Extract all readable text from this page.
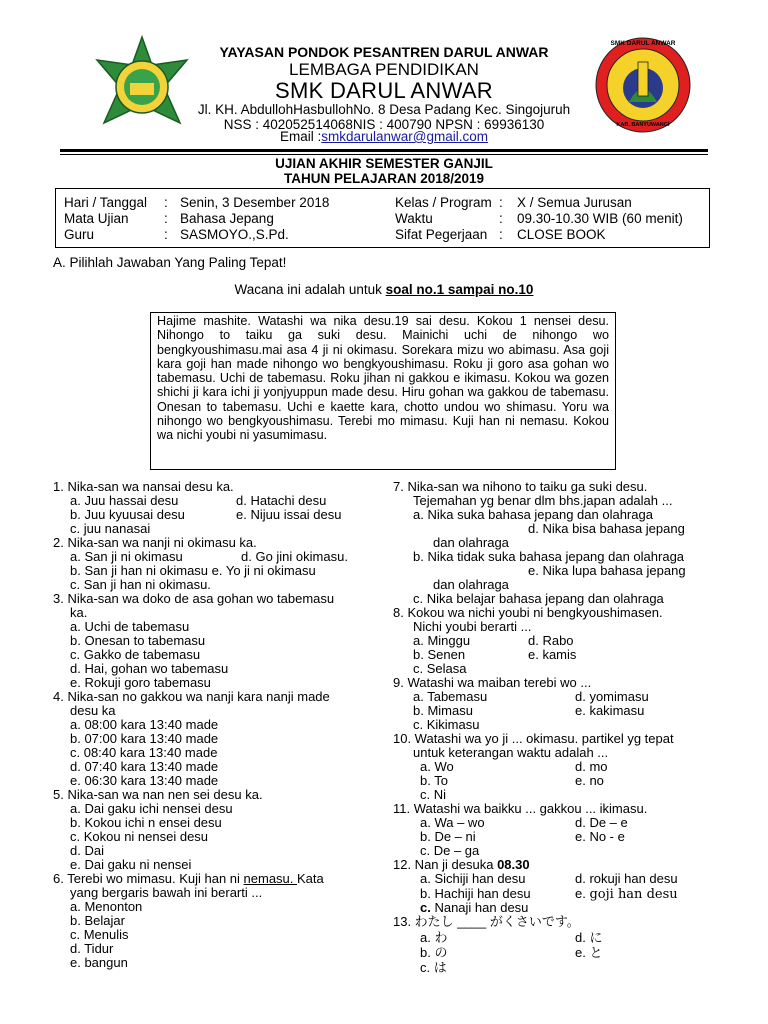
SMK DARUL ANWAR
KAB. BANYUWANGI
YAYASAN PONDOK PESANTREN DARUL ANWAR
LEMBAGA PENDIDIKAN
SMK DARUL ANWAR
Jl. KH. AbdullohHasbullohNo. 8 Desa Padang Kec. Singojuruh
NSS : 402052514068NIS : 400790 NPSN : 69936130
Email :smkdarulanwar@gmail.com
UJIAN AKHIR SEMESTER GANJIL
TAHUN PELAJARAN 2018/2019
Hari / Tanggal : Senin, 3 Desember 2018
Mata Ujian	: Bahasa Jepang
Guru	: SASMOYO.,S.Pd.
Kelas / Program : X / Semua Jurusan
Waktu	: 09.30-10.30 WIB (60 menit)
Sifat Pegerjaan : CLOSE BOOK
A. Pilihlah Jawaban Yang Paling Tepat!
Wacana ini adalah untuk soal no.1 sampai no.10
Hajime mashite. Watashi wa nika desu.19 sai desu. Kokou 1 nensei desu. Nihongo to taiku ga suki desu. Mainichi uchi de nihongo wo bengkyoushimasu.mai asa 4 ji ni okimasu. Sorekara mizu wo abimasu. Asa goji kara goji han made nihongo wo bengkyoushimasu. Roku ji goro asa gohan wo tabemasu. Uchi de tabemasu. Roku jihan ni gakkou e ikimasu. Kokou wa gozen shichi ji kara ichi ji yonjyuppun made desu. Hiru gohan wa gakkou de tabemasu. Onesan to tabemasu. Uchi e kaette kara, chotto undou wo shimasu. Yoru wa nihongo wo bengkyoushimasu. Terebi mo mimasu. Kuji han ni nemasu. Kokou wa nichi youbi ni yasumimasu.
1. Nika-san wa nansai desu ka.
a. Juu hassai desu	d. Hatachi desu
b. Juu kyuusai desu	e. Nijuu issai desu
c. juu nanasai
2. Nika-san wa nanji ni okimasu ka.
a. San ji ni okimasu	d. Go jini okimasu.
b. San ji han ni okimasu e. Yo ji ni okimasu
c. San ji han ni okimasu.
3. Nika-san wa doko de asa gohan wo tabemasu
ka.
a. Uchi de tabemasu
b. Onesan to tabemasu
c. Gakko de tabemasu
d. Hai, gohan wo tabemasu
e. Rokuji goro tabemasu
4. Nika-san no gakkou wa nanji kara nanji made
desu ka
a. 08:00 kara 13:40 made
b. 07:00 kara 13:40 made
c. 08:40 kara 13:40 made
d. 07:40 kara 13:40 made
e. 06:30 kara 13:40 made
5. Nika-san wa nan nen sei desu ka.
a. Dai gaku ichi nensei desu
b. Kokou ichi n ensei desu
c. Kokou ni nensei desu
d. Dai
e. Dai gaku ni nensei
6. Terebi wo mimasu. Kuji han ni nemasu. Kata
yang bergaris bawah ini berarti ...
a. Menonton
b. Belajar
c. Menulis
d. Tidur
e. bangun
7. Nika-san wa nihono to taiku ga suki desu.
Tejemahan yg benar dlm bhs.japan adalah ...
a. Nika suka bahasa jepang dan olahraga
d. Nika bisa bahasa jepang
dan olahraga
b. Nika tidak suka bahasa jepang dan olahraga
e. Nika lupa bahasa jepang
dan olahraga
c. Nika belajar bahasa jepang dan olahraga
8. Kokou wa nichi youbi ni bengkyoushimasen.
Nichi youbi berarti ...
a. Minggu	d. Rabo
b. Senen	e. kamis
c. Selasa
9. Watashi wa maiban terebi wo ...
a. Tabemasu	d. yomimasu
b. Mimasu	e. kakimasu
c. Kikimasu
10. Watashi wa yo ji ... okimasu. partikel yg tepat
untuk keterangan waktu adalah ...
a. Wo	d. mo
b. To	e. no
c. Ni
11. Watashi wa baikku ... gakkou ... ikimasu.
a. Wa – wo	d. De – e
b. De – ni	e. No - e
c. De – ga
12. Nan ji desuka 08.30
a. Sichiji han desu	d. rokuji han desu
b. Hachiji han desu	e. goji han desu
c. Nanaji han desu
13. わたし ____ がくさいです。
a. わ	d. に
b. の	e. と
c. は
